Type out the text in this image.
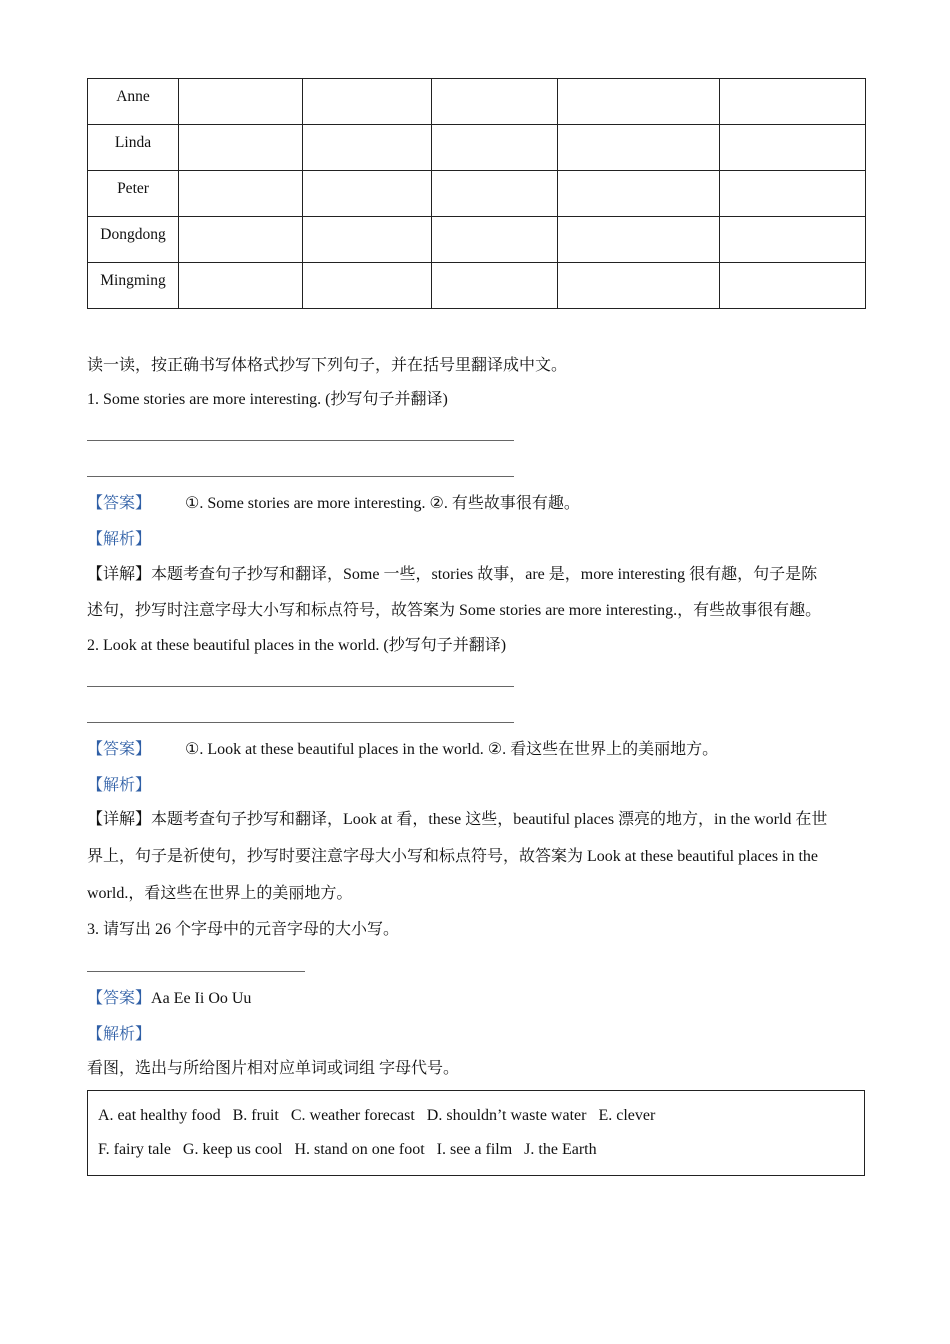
Anne					
Linda					
Peter					
Dongdong					
Mingming					
读一读，按正确书写体格式抄写下列句子，并在括号里翻译成中文。
1. Some stories are more interesting. (抄写句子并翻译)
【答案】 ①. Some stories are more interesting. ②. 有些故事很有趣。
【解析】
【详解】本题考查句子抄写和翻译，Some 一些，stories 故事，are 是，more interesting 很有趣，句子是陈
述句，抄写时注意字母大小写和标点符号，故答案为 Some stories are more interesting.，有些故事很有趣。
2. Look at these beautiful places in the world. (抄写句子并翻译)
【答案】 ①. Look at these beautiful places in the world. ②. 看这些在世界上的美丽地方。
【解析】
【详解】本题考查句子抄写和翻译，Look at 看，these 这些，beautiful places 漂亮的地方，in the world 在世
界上，句子是祈使句，抄写时要注意字母大小写和标点符号，故答案为 Look at these beautiful places in the
world.，看这些在世界上的美丽地方。
3. 请写出 26 个字母中的元音字母的大小写。
【答案】Aa Ee Ii Oo Uu
【解析】
看图，选出与所给图片相对应单词或词组 字母代号。
A. eat healthy food   B. fruit   C. weather forecast   D. shouldn’t waste water   E. clever
F. fairy tale   G. keep us cool   H. stand on one foot   I. see a film   J. the Earth
